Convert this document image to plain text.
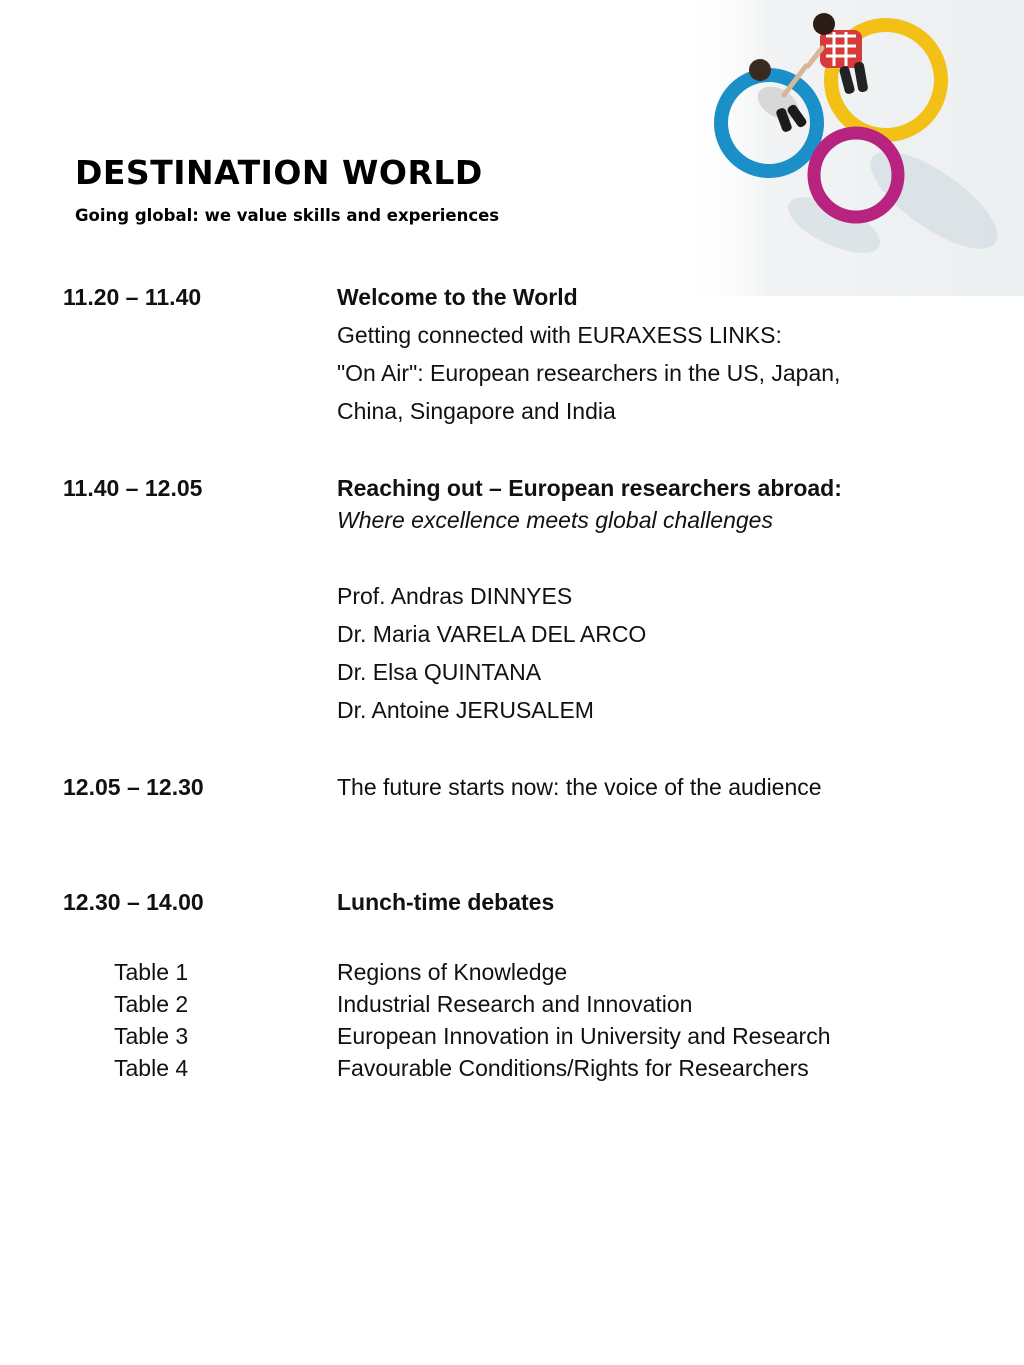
DESTINATION WORLD

Going global: we value skills and experiences

11.20 – 11.40	Welcome to the World
Getting connected with EURAXESS LINKS:
"On Air": European researchers in the US, Japan,
China, Singapore and India
11.40 – 12.05	Reaching out – European researchers abroad:
Where excellence meets global challenges
Prof. Andras DINNYES
Dr. Maria VARELA DEL ARCO
Dr. Elsa QUINTANA
Dr. Antoine JERUSALEM
12.05 – 12.30	The future starts now: the voice of the audience
12.30 – 14.00	Lunch-time debates
Table 1	Regions of Knowledge
Table 2	Industrial Research and Innovation
Table 3	European Innovation in University and Research
Table 4	Favourable Conditions/Rights for Researchers
